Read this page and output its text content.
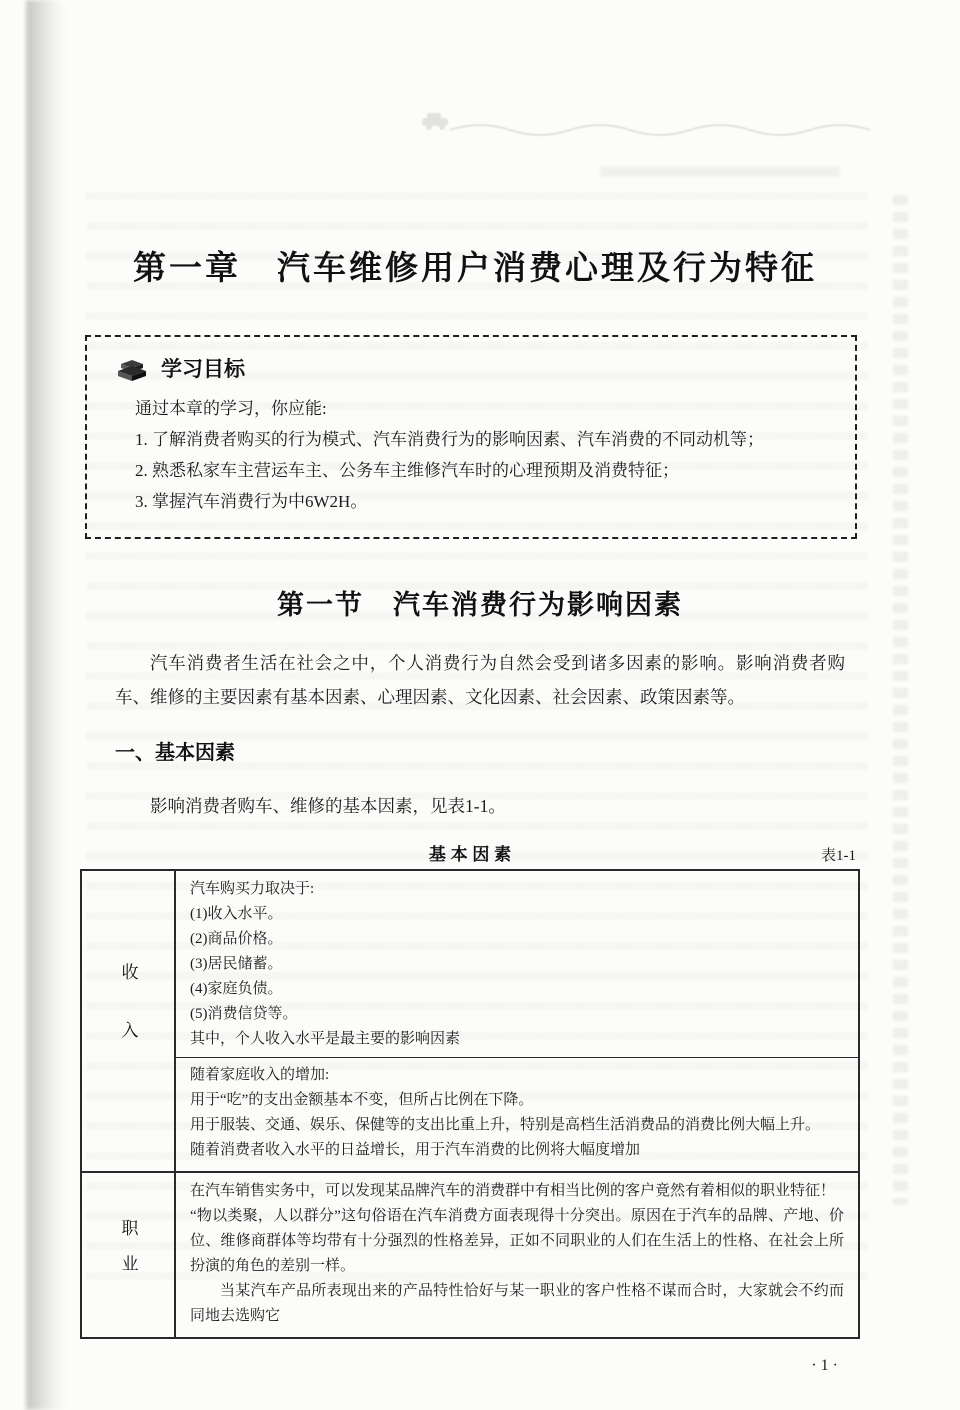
第一章　汽车维修用户消费心理及行为特征
学习目标

通过本章的学习，你应能:

1. 了解消费者购买的行为模式、汽车消费行为的影响因素、汽车消费的不同动机等；

2. 熟悉私家车主营运车主、公务车主维修汽车时的心理预期及消费特征；

3. 掌握汽车消费行为中6W2H。

第一节　汽车消费行为影响因素

汽车消费者生活在社会之中，个人消费行为自然会受到诸多因素的影响。影响消费者购车、维修的主要因素有基本因素、心理因素、文化因素、社会因素、政策因素等。

一、基本因素

影响消费者购车、维修的基本因素，见表1-1。

基 本 因 素	表1-1
收入

汽车购买力取决于:

(1)收入水平。

(2)商品价格。

(3)居民储蓄。

(4)家庭负债。

(5)消费信贷等。

其中，个人收入水平是最主要的影响因素

随着家庭收入的增加:

用于“吃”的支出金额基本不变，但所占比例在下降。

用于服装、交通、娱乐、保健等的支出比重上升，特别是高档生活消费品的消费比例大幅上升。

随着消费者收入水平的日益增长，用于汽车消费的比例将大幅度增加

职业

在汽车销售实务中，可以发现某品牌汽车的消费群中有相当比例的客户竟然有着相似的职业特征！

“物以类聚，人以群分”这句俗语在汽车消费方面表现得十分突出。原因在于汽车的品牌、产地、价位、维修商群体等均带有十分强烈的性格差异，正如不同职业的人们在生活上的性格、在社会上所扮演的角色的差别一样。

当某汽车产品所表现出来的产品特性恰好与某一职业的客户性格不谋而合时，大家就会不约而同地去选购它

· 1 ·
